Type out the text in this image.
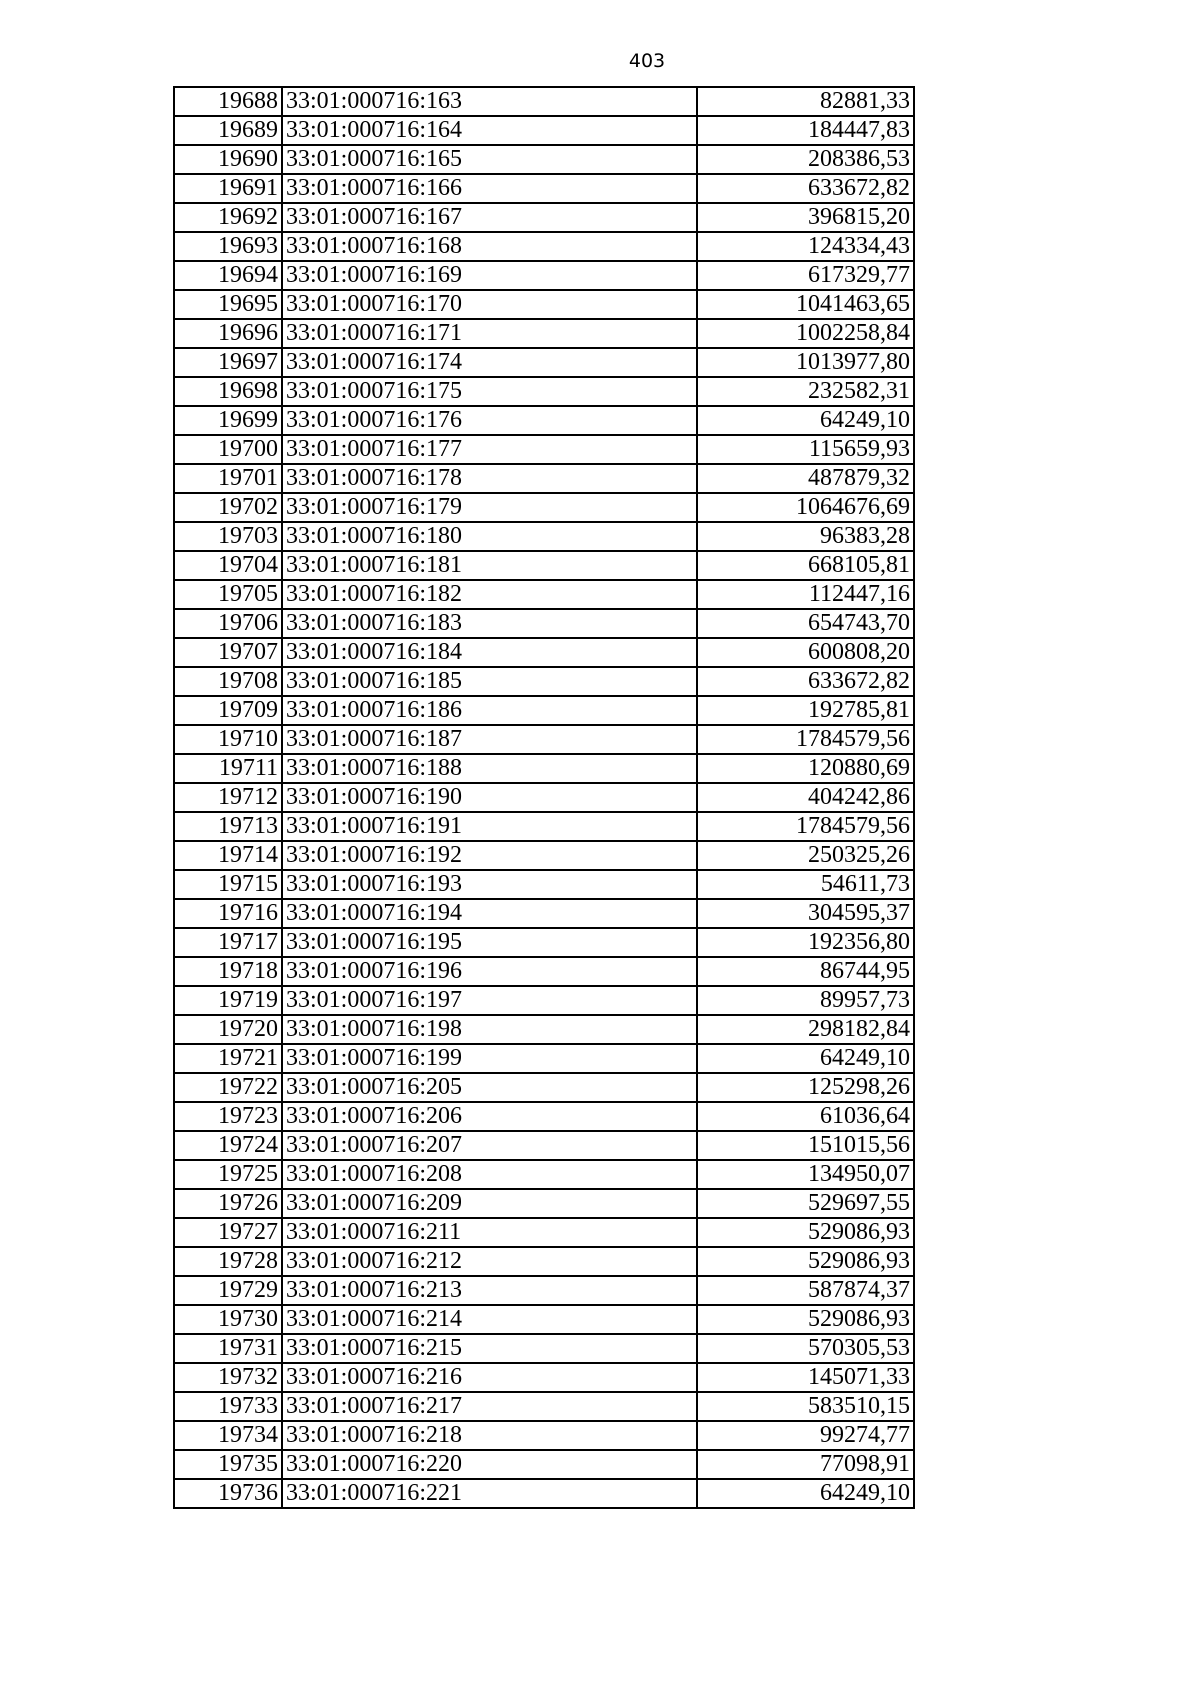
403
19688	33:01:000716:163	82881,33
19689	33:01:000716:164	184447,83
19690	33:01:000716:165	208386,53
19691	33:01:000716:166	633672,82
19692	33:01:000716:167	396815,20
19693	33:01:000716:168	124334,43
19694	33:01:000716:169	617329,77
19695	33:01:000716:170	1041463,65
19696	33:01:000716:171	1002258,84
19697	33:01:000716:174	1013977,80
19698	33:01:000716:175	232582,31
19699	33:01:000716:176	64249,10
19700	33:01:000716:177	115659,93
19701	33:01:000716:178	487879,32
19702	33:01:000716:179	1064676,69
19703	33:01:000716:180	96383,28
19704	33:01:000716:181	668105,81
19705	33:01:000716:182	112447,16
19706	33:01:000716:183	654743,70
19707	33:01:000716:184	600808,20
19708	33:01:000716:185	633672,82
19709	33:01:000716:186	192785,81
19710	33:01:000716:187	1784579,56
19711	33:01:000716:188	120880,69
19712	33:01:000716:190	404242,86
19713	33:01:000716:191	1784579,56
19714	33:01:000716:192	250325,26
19715	33:01:000716:193	54611,73
19716	33:01:000716:194	304595,37
19717	33:01:000716:195	192356,80
19718	33:01:000716:196	86744,95
19719	33:01:000716:197	89957,73
19720	33:01:000716:198	298182,84
19721	33:01:000716:199	64249,10
19722	33:01:000716:205	125298,26
19723	33:01:000716:206	61036,64
19724	33:01:000716:207	151015,56
19725	33:01:000716:208	134950,07
19726	33:01:000716:209	529697,55
19727	33:01:000716:211	529086,93
19728	33:01:000716:212	529086,93
19729	33:01:000716:213	587874,37
19730	33:01:000716:214	529086,93
19731	33:01:000716:215	570305,53
19732	33:01:000716:216	145071,33
19733	33:01:000716:217	583510,15
19734	33:01:000716:218	99274,77
19735	33:01:000716:220	77098,91
19736	33:01:000716:221	64249,10
